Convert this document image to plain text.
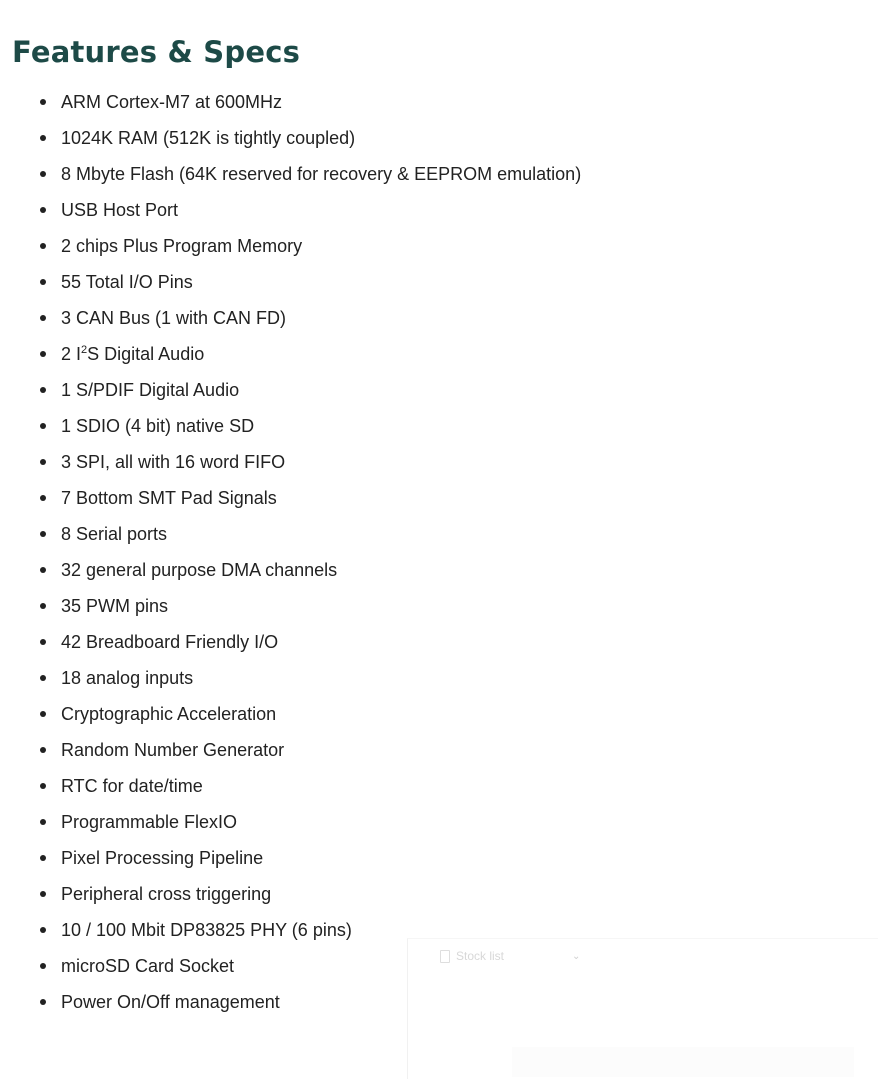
Features & Specs
ARM Cortex-M7 at 600MHz
1024K RAM (512K is tightly coupled)
8 Mbyte Flash (64K reserved for recovery & EEPROM emulation)
USB Host Port
2 chips Plus Program Memory
55 Total I/O Pins
3 CAN Bus (1 with CAN FD)
2 $I^2S$ Digital Audio
1 S/PDIF Digital Audio
1 SDIO (4 bit) native SD
3 SPI, all with 16 word FIFO
7 Bottom SMT Pad Signals
8 Serial ports
32 general purpose DMA channels
35 PWM pins
42 Breadboard Friendly I/O
18 analog inputs
Cryptographic Acceleration
Random Number Generator
RTC for date/time
Programmable FlexIO
Pixel Processing Pipeline
Peripheral cross triggering
10 / 100 Mbit DP83825 PHY (6 pins)
microSD Card Socket
Power On/Off management
Stock list	⌄
